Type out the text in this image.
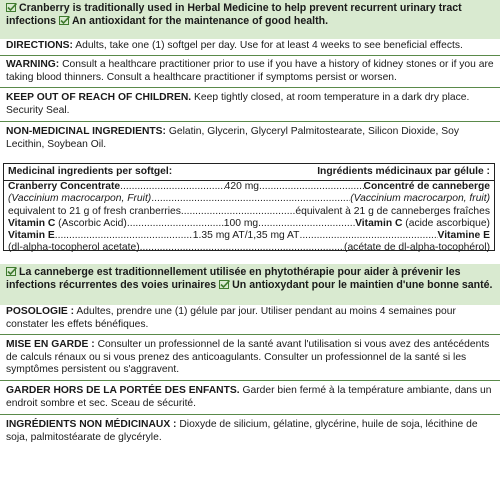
Cranberry is traditionally used in Herbal Medicine to help prevent recurrent urinary tract
infections An antioxidant for the maintenance of good health.
DIRECTIONS: Adults, take one (1) softgel per day. Use for at least 4 weeks to see beneficial effects.
WARNING: Consult a healthcare practitioner prior to use if you have a history of kidney stones or if you are taking blood thinners. Consult a healthcare practitioner if symptoms persist or worsen.
KEEP OUT OF REACH OF CHILDREN. Keep tightly closed, at room temperature in a dark dry place. Security Seal.
NON-MEDICINAL INGREDIENTS: Gelatin, Glycerin, Glyceryl Palmitostearate, Silicon Dioxide, Soy Lecithin, Soybean Oil.
Medicinal ingredients per softgel:	Ingrédients médicinaux par gélule :
Cranberry Concentrate .....	420 mg .....	Concentré de canneberge
(Vaccinium macrocarpon, Fruit) .....	(Vaccinium macrocarpon, fruit)
equivalent to 21 g of fresh cranberries .....	équivalent à 21 g de canneberges fraîches
Vitamin C (Ascorbic Acid) .....	100 mg .....	Vitamin C (acide ascorbique)
Vitamin E .....	1.35 mg AT/1,35 mg AT .....	Vitamine E
(dl-alpha-tocopherol acetate) .....	(acétate de dl-alpha-tocophérol)
La canneberge est traditionnellement utilisée en phytothérapie pour aider à prévenir les
infections récurrentes des voies urinaires Un antioxydant pour le maintien d'une bonne santé.
POSOLOGIE : Adultes, prendre une (1) gélule par jour. Utiliser pendant au moins 4 semaines pour constater les effets bénéfiques.
MISE EN GARDE : Consulter un professionnel de la santé avant l'utilisation si vous avez des antécédents de calculs rénaux ou si vous prenez des anticoagulants. Consulter un professionnel de la santé si les symptômes persistent ou s'aggravent.
GARDER HORS DE LA PORTÉE DES ENFANTS. Garder bien fermé à la température ambiante, dans un endroit sombre et sec. Sceau de sécurité.
INGRÉDIENTS NON MÉDICINAUX : Dioxyde de silicium, gélatine, glycérine, huile de soja, lécithine de soja, palmitostéarate de glycéryle.
